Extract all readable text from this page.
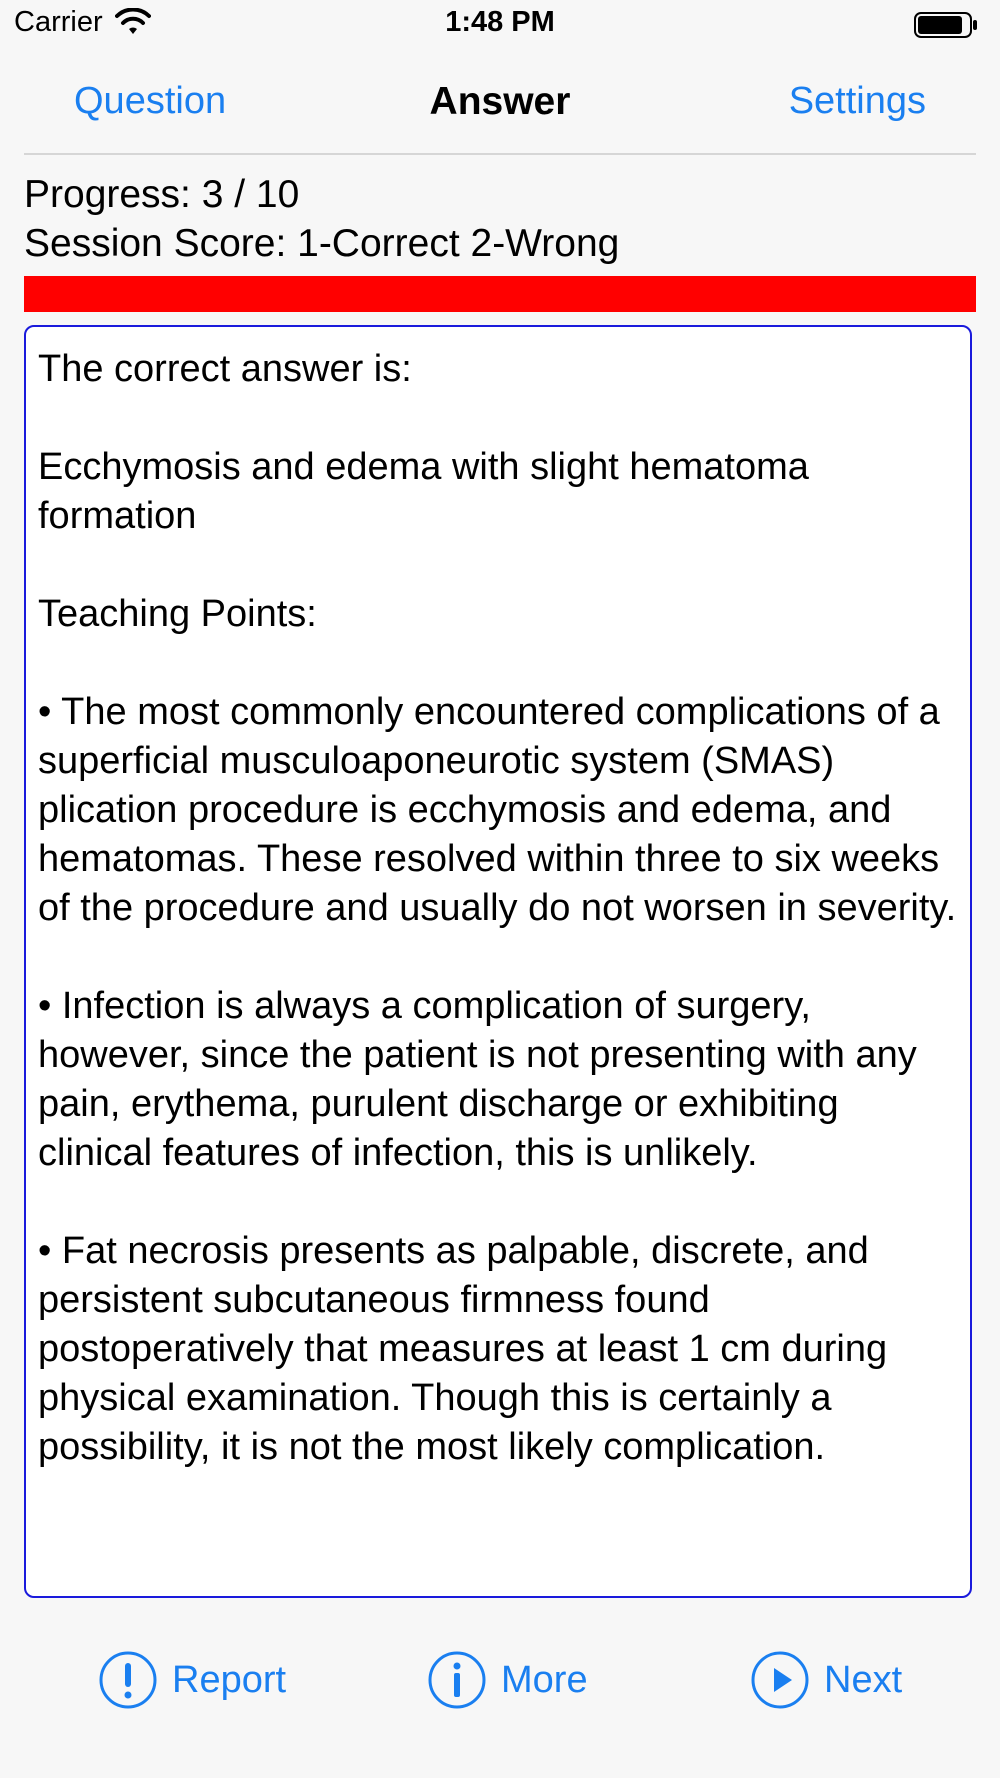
Carrier	1:48 PM
Question	Answer	Settings
Progress: 3 / 10
Session Score: 1-Correct 2-Wrong
The correct answer is:

Ecchymosis and edema with slight hematoma formation

Teaching Points:

• The most commonly encountered complications of a  superficial musculoaponeurotic system (SMAS) plication procedure is ecchymosis and edema, and hematomas. These resolved within three to six weeks of the procedure and usually do not worsen in severity.

• Infection is always a complication of surgery, however, since the patient is not presenting with any pain, erythema, purulent discharge or exhibiting clinical features of infection, this is unlikely.

• Fat necrosis presents as palpable, discrete, and persistent subcutaneous firmness found postoperatively that measures at least 1 cm during physical examination. Though this is certainly a possibility, it is not the most likely complication.
Report	More	Next
